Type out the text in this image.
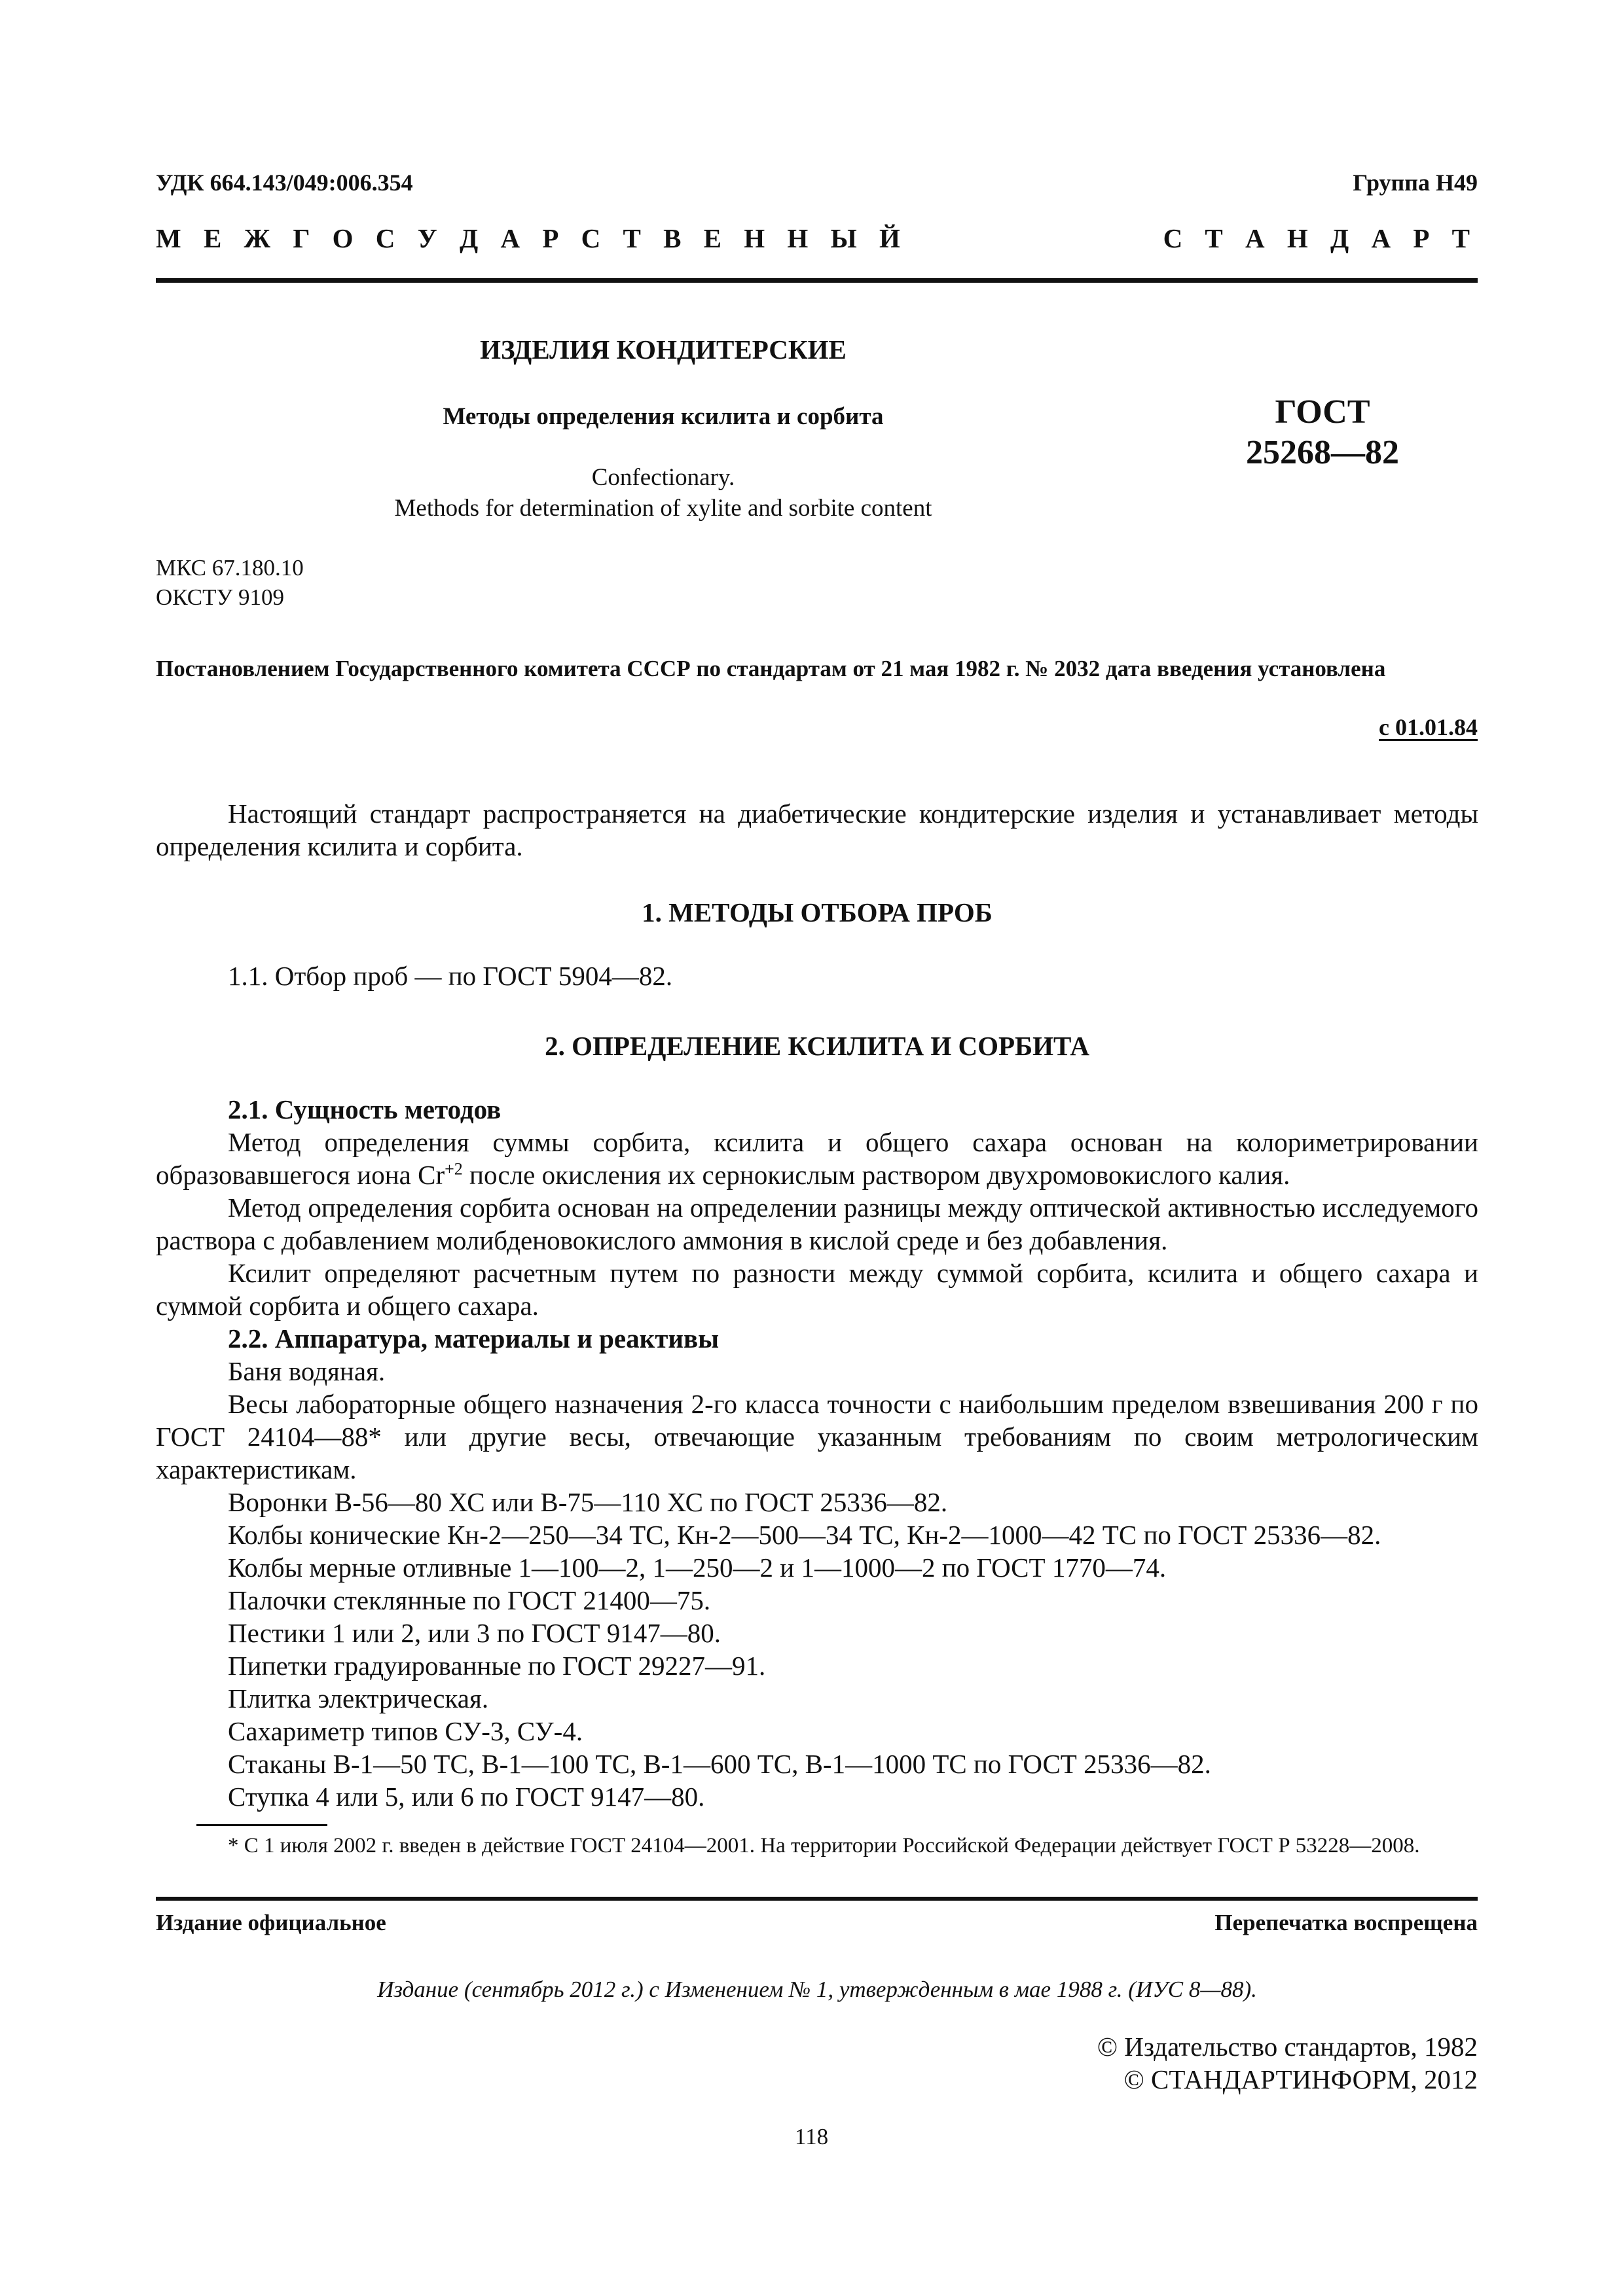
УДК 664.143/049:006.354	Группа Н49
М Е Ж Г О С У Д А Р С Т В Е Н Н Ы Й	С Т А Н Д А Р Т
ИЗДЕЛИЯ КОНДИТЕРСКИЕ
Методы определения ксилита и сорбита
Confectionary.
Methods for determination of xylite and sorbite content
ГОСТ
25268—82
МКС 67.180.10
ОКСТУ 9109
Постановлением Государственного комитета СССР по стандартам от 21 мая 1982 г. № 2032 дата введения установлена
с 01.01.84

Настоящий стандарт распространяется на диабетические кондитерские изделия и устанавливает методы определения ксилита и сорбита.

1. МЕТОДЫ ОТБОРА ПРОБ
1.1. Отбор проб — по ГОСТ 5904—82.
2. ОПРЕДЕЛЕНИЕ КСИЛИТА И СОРБИТА

2.1. Сущность методов

Метод определения суммы сорбита, ксилита и общего сахара основан на колориметрировании образовавшегося иона $Cr^{+2}$ после окисления их сернокислым раствором двухромовокислого калия.

Метод определения сорбита основан на определении разницы между оптической активностью исследуемого раствора с добавлением молибденовокислого аммония в кислой среде и без добавления.

Ксилит определяют расчетным путем по разности между суммой сорбита, ксилита и общего сахара и суммой сорбита и общего сахара.

2.2. Аппаратура, материалы и реактивы

Баня водяная.

Весы лабораторные общего назначения 2-го класса точности с наибольшим пределом взвешивания 200 г по ГОСТ 24104—88* или другие весы, отвечающие указанным требованиям по своим метрологическим характеристикам.

Воронки В-56—80 ХС или В-75—110 ХС по ГОСТ 25336—82.
Колбы конические Кн-2—250—34 ТС, Кн-2—500—34 ТС, Кн-2—1000—42 ТС по ГОСТ 25336—82.
Колбы мерные отливные 1—100—2, 1—250—2 и 1—1000—2 по ГОСТ 1770—74.
Палочки стеклянные по ГОСТ 21400—75.
Пестики 1 или 2, или 3 по ГОСТ 9147—80.
Пипетки градуированные по ГОСТ 29227—91.
Плитка электрическая.
Сахариметр типов СУ-3, СУ-4.
Стаканы В-1—50 ТС, В-1—100 ТС, В-1—600 ТС, В-1—1000 ТС по ГОСТ 25336—82.
Ступка 4 или 5, или 6 по ГОСТ 9147—80.
* С 1 июля 2002 г. введен в действие ГОСТ 24104—2001. На территории Российской Федерации действует ГОСТ Р 53228—2008.
Издание официальное	Перепечатка воспрещена
Издание (сентябрь 2012 г.) с Изменением № 1, утвержденным в мае 1988 г. (ИУС 8—88).
© Издательство стандартов, 1982
© СТАНДАРТИНФОРМ, 2012
118
